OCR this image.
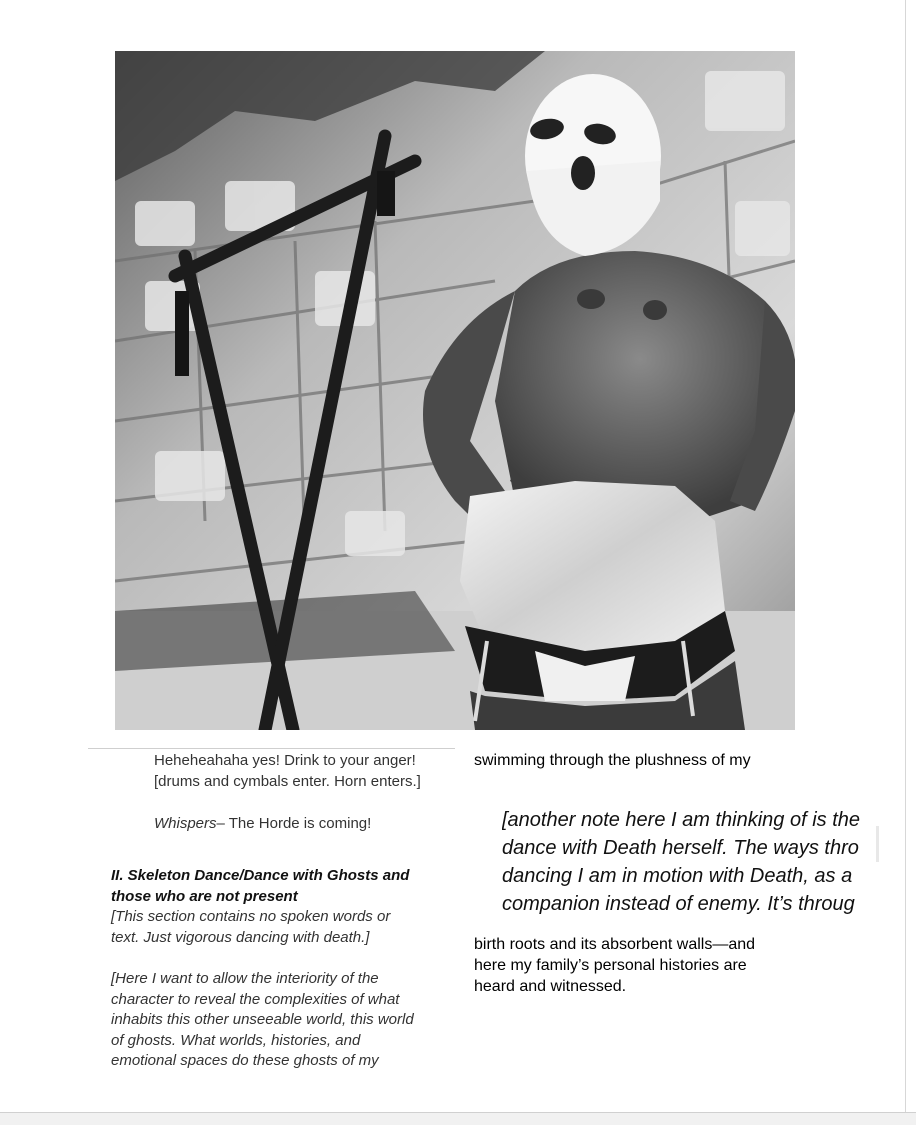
Heheheahaha yes! Drink to your anger!
[drums and cymbals enter. Horn enters.]
Whispers– The Horde is coming!
II. Skeleton Dance/Dance with Ghosts and
those who are not present
[This section contains no spoken words or
text. Just vigorous dancing with death.]
[Here I want to allow the interiority of the
character to reveal the complexities of what
inhabits this other unseeable world, this world
of ghosts. What worlds, histories, and
emotional spaces do these ghosts of my
swimming through the plushness of my
[another note here I am thinking of is the
dance with Death herself. The ways thro
dancing I am in motion with Death, as a
companion instead of enemy. It’s throug
birth roots and its absorbent walls—and
here my family’s personal histories are
heard and witnessed.
